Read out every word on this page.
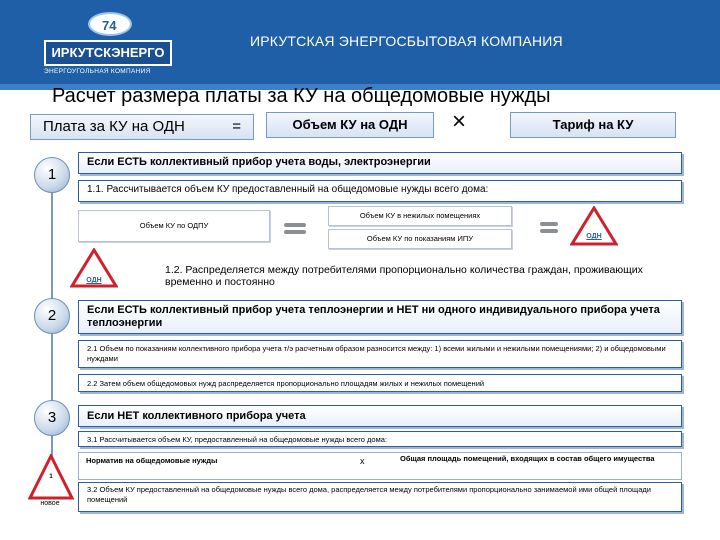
74
ИРКУТСКЭНЕРГО
ЭНЕРГОУГОЛЬНАЯ КОМПАНИЯ
ИРКУТСКАЯ ЭНЕРГОСБЫТОВАЯ КОМПАНИЯ
Расчет размера платы за КУ на общедомовые нужды
Плата за КУ на ОДН	=	Объем КУ на ОДН	×	Тариф на КУ
1
2
3
Если ЕСТЬ коллективный прибор учета воды, электроэнергии
1.1. Рассчитывается объем КУ предоставленный на общедомовые нужды всего дома:
Объем КУ по ОДПУ
Объем КУ в нежилых помещениях
Объем КУ по показаниям ИПУ	ОДН
ОДН
1.2. Распределяется между потребителями пропорционально количества граждан, проживающих временно и постоянно
Если ЕСТЬ коллективный прибор учета теплоэнергии и НЕТ ни одного индивидуального прибора учета теплоэнергии
2.1 Объем по показаниям коллективного прибора учета т/э расчетным образом разносится между: 1) всеми жилыми и нежилыми помещениями; 2) и общедомовыми нуждами
2.2 Затем объем общедомовых нужд распределяется пропорционально площадям жилых и нежилых помещений
Если НЕТ коллективного прибора учета
3.1 Рассчитывается объем КУ, предоставленный на общедомовые нужды всего дома:
Норматив на общедомовые нужды	х	Общая площадь помещений, входящих в состав общего имущества
3.2 Объем КУ предоставленный на общедомовые нужды всего дома, распределяется между потребителями пропорционально занимаемой ими общей площади помещений
1
новое
